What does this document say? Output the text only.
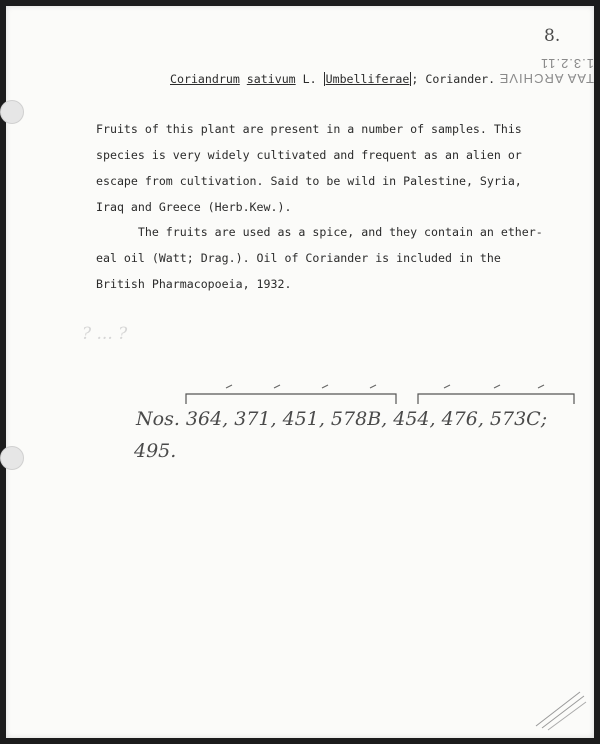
8.
TAA ARCHIVE 1.3.2.11
Coriandrum sativum L. Umbelliferae ; Coriander.
Fruits of this plant are present in a number of samples. This
species is very widely cultivated and frequent as an alien or
escape from cultivation. Said to be wild in Palestine, Syria,
Iraq and Greece (Herb.Kew.).
The fruits are used as a spice, and they contain an ether-
eal oil (Watt; Drag.). Oil of Coriander is included in the
British Pharmacopoeia, 1932.
? ... ?
Nos. 364, 371, 451, 578B, 454, 476, 573C;
495.
